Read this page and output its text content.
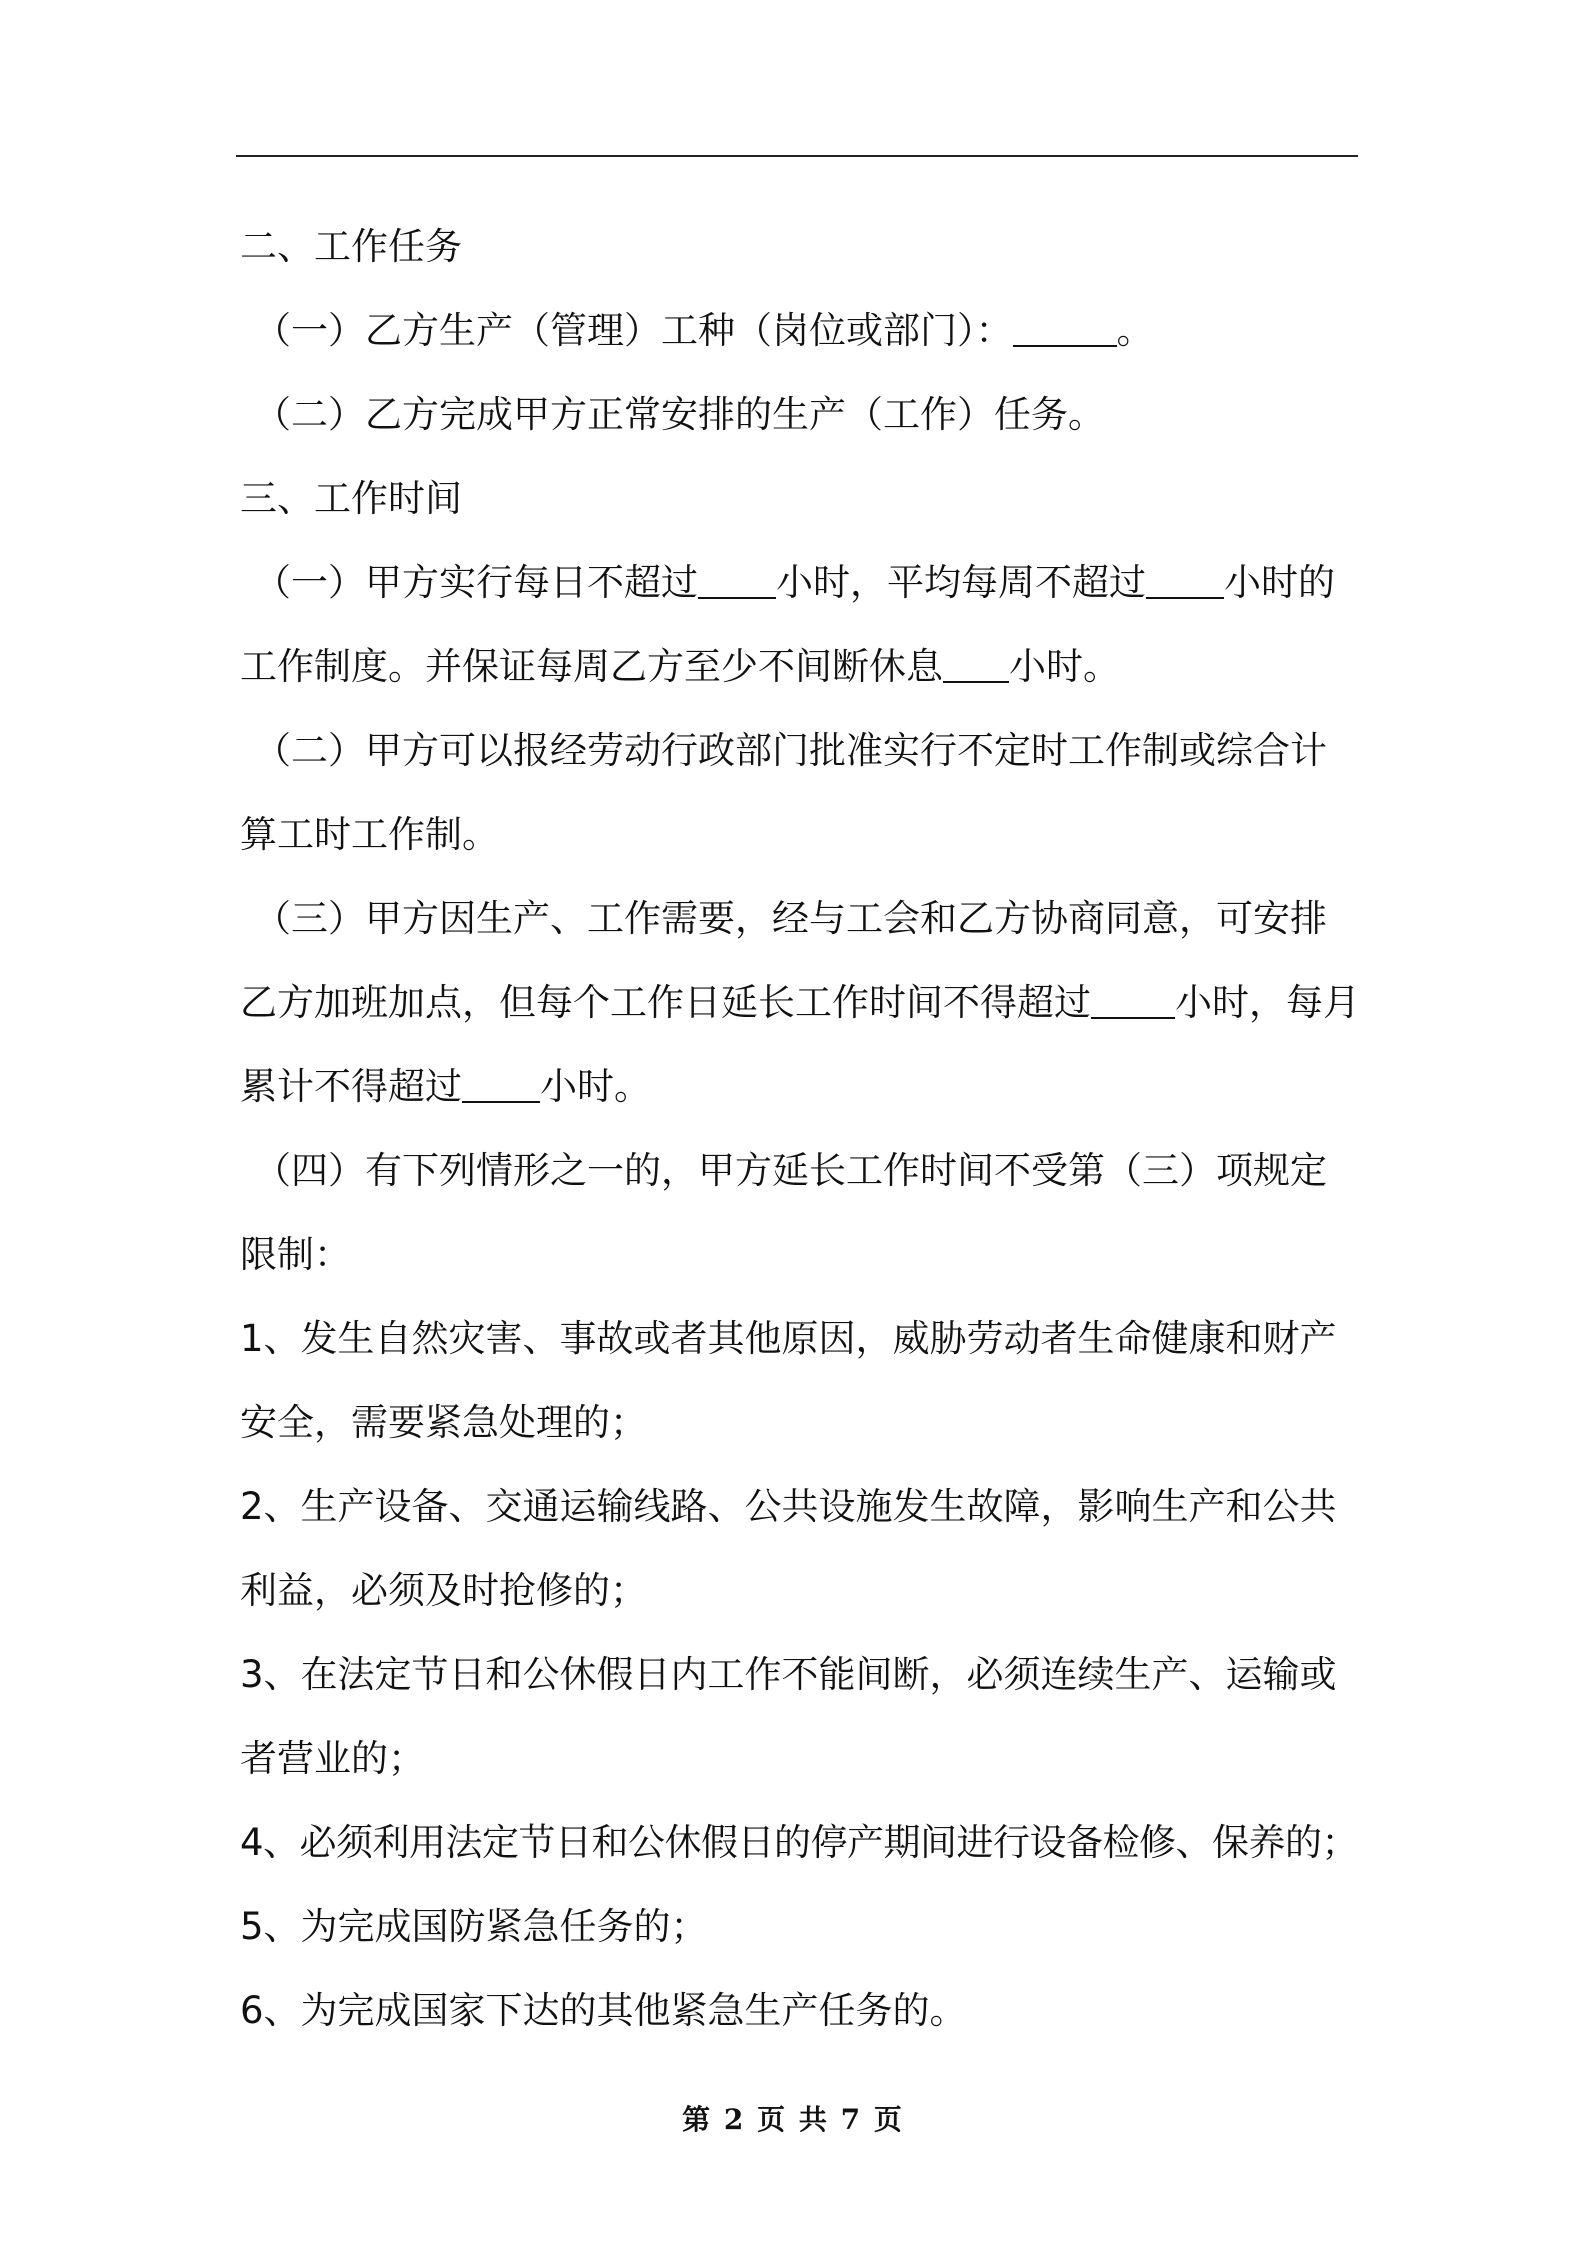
二、工作任务

（一）乙方生产（管理）工种（岗位或部门）：	。

（二）乙方完成甲方正常安排的生产（工作）任务。

三、工作时间

（一）甲方实行每日不超过 小时，平均每周不超过 小时的工作制度。并保证每周乙方至少不间断休息 小时。

（二）甲方可以报经劳动行政部门批准实行不定时工作制或综合计算工时工作制。

（三）甲方因生产、工作需要，经与工会和乙方协商同意，可安排乙方加班加点，但每个工作日延长工作时间不得超过 小时，每月累计不得超过 小时。

（四）有下列情形之一的，甲方延长工作时间不受第（三）项规定限制：

1、发生自然灾害、事故或者其他原因，威胁劳动者生命健康和财产安全，需要紧急处理的；

2、生产设备、交通运输线路、公共设施发生故障，影响生产和公共利益，必须及时抢修的；

3、在法定节日和公休假日内工作不能间断，必须连续生产、运输或者营业的；

4、必须利用法定节日和公休假日的停产期间进行设备检修、保养的；

5、为完成国防紧急任务的；

6、为完成国家下达的其他紧急生产任务的。

第 2 页 共 7 页
